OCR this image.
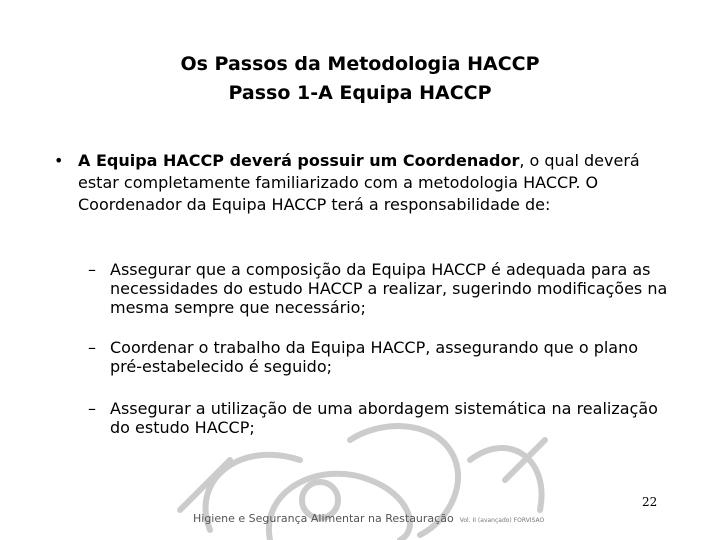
Os Passos da Metodologia HACCP
Passo 1-A Equipa HACCP
• A Equipa HACCP deverá possuir um Coordenador, o qual deverá estar completamente familiarizado com a metodologia HACCP. O Coordenador da Equipa HACCP terá a responsabilidade de:
– Assegurar que a composição da Equipa HACCP é adequada para as necessidades do estudo HACCP a realizar, sugerindo modificações na mesma sempre que necessário;
– Coordenar o trabalho da Equipa HACCP, assegurando que o plano pré-estabelecido é seguido;
– Assegurar a utilização de uma abordagem sistemática na realização do estudo HACCP;
22
Higiene e Segurança Alimentar na Restauração Vol. II (avançado) FORVISAO
